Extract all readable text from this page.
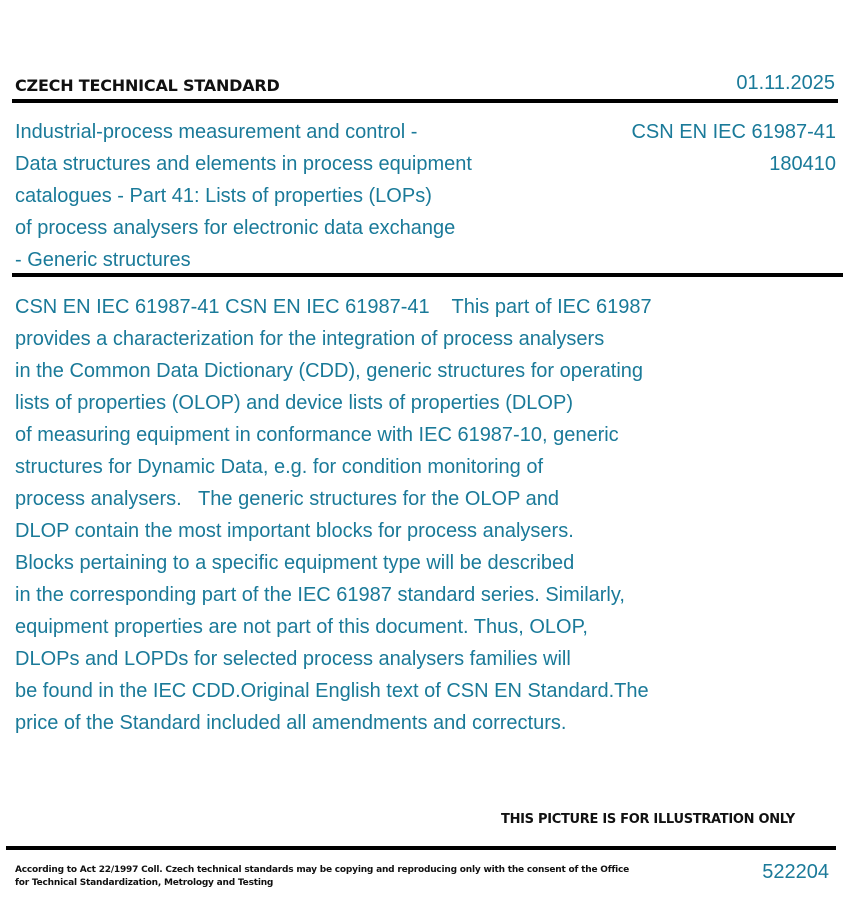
CZECH TECHNICAL STANDARD	01.11.2025
Industrial-process measurement and control -
Data structures and elements in process equipment
catalogues - Part 41: Lists of properties (LOPs)
of process analysers for electronic data exchange
- Generic structures
CSN EN IEC 61987-41
180410
CSN EN IEC 61987-41 CSN EN IEC 61987-41    This part of IEC 61987
provides a characterization for the integration of process analysers
in the Common Data Dictionary (CDD), generic structures for operating
lists of properties (OLOP) and device lists of properties (DLOP)
of measuring equipment in conformance with IEC 61987-10, generic
structures for Dynamic Data, e.g. for condition monitoring of
process analysers.   The generic structures for the OLOP and
DLOP contain the most important blocks for process analysers.
Blocks pertaining to a specific equipment type will be described
in the corresponding part of the IEC 61987 standard series. Similarly,
equipment properties are not part of this document. Thus, OLOP,
DLOPs and LOPDs for selected process analysers families will
be found in the IEC CDD.Original English text of CSN EN Standard.The
price of the Standard included all amendments and correcturs.
THIS PICTURE IS FOR ILLUSTRATION ONLY
According to Act 22/1997 Coll. Czech technical standards may be copying and reproducing only with the consent of the Office
for Technical Standardization, Metrology and Testing	522204
